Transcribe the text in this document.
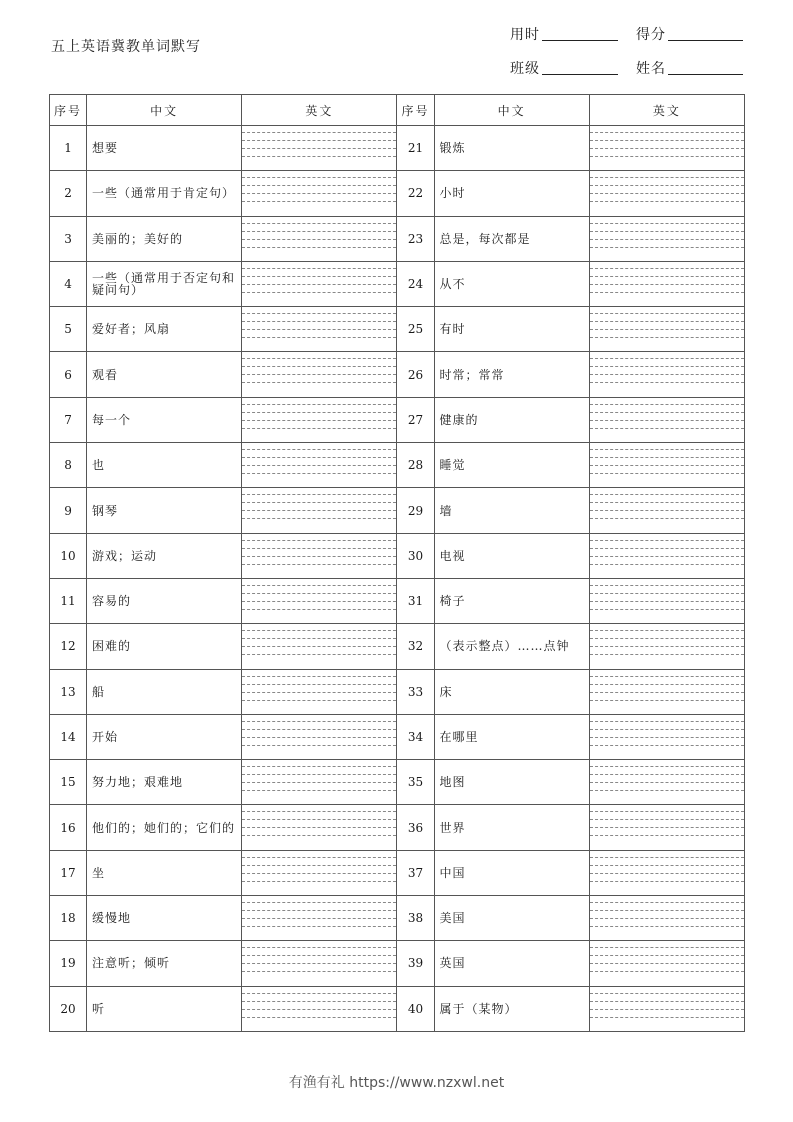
五上英语冀教单词默写
用时	得分
班级	姓名
序号	中文	英文	序号	中文	英文
1	想要		21	锻炼	

2	一些（通常用于肯定句）		22	小时	

3	美丽的；美好的		23	总是，每次都是	

4	一些（通常用于否定句和疑问句）		24	从不	

5	爱好者；风扇		25	有时	

6	观看		26	时常；常常	

7	每一个		27	健康的	

8	也		28	睡觉	

9	钢琴		29	墙	

10	游戏；运动		30	电视	

11	容易的		31	椅子	

12	困难的		32	（表示整点）……点钟	

13	船		33	床	

14	开始		34	在哪里	

15	努力地；艰难地		35	地图	

16	他们的；她们的；它们的		36	世界	

17	坐		37	中国	

18	缓慢地		38	美国	

19	注意听；倾听		39	英国	

20	听		40	属于（某物）	
有渔有礼 https://www.nzxwl.net
